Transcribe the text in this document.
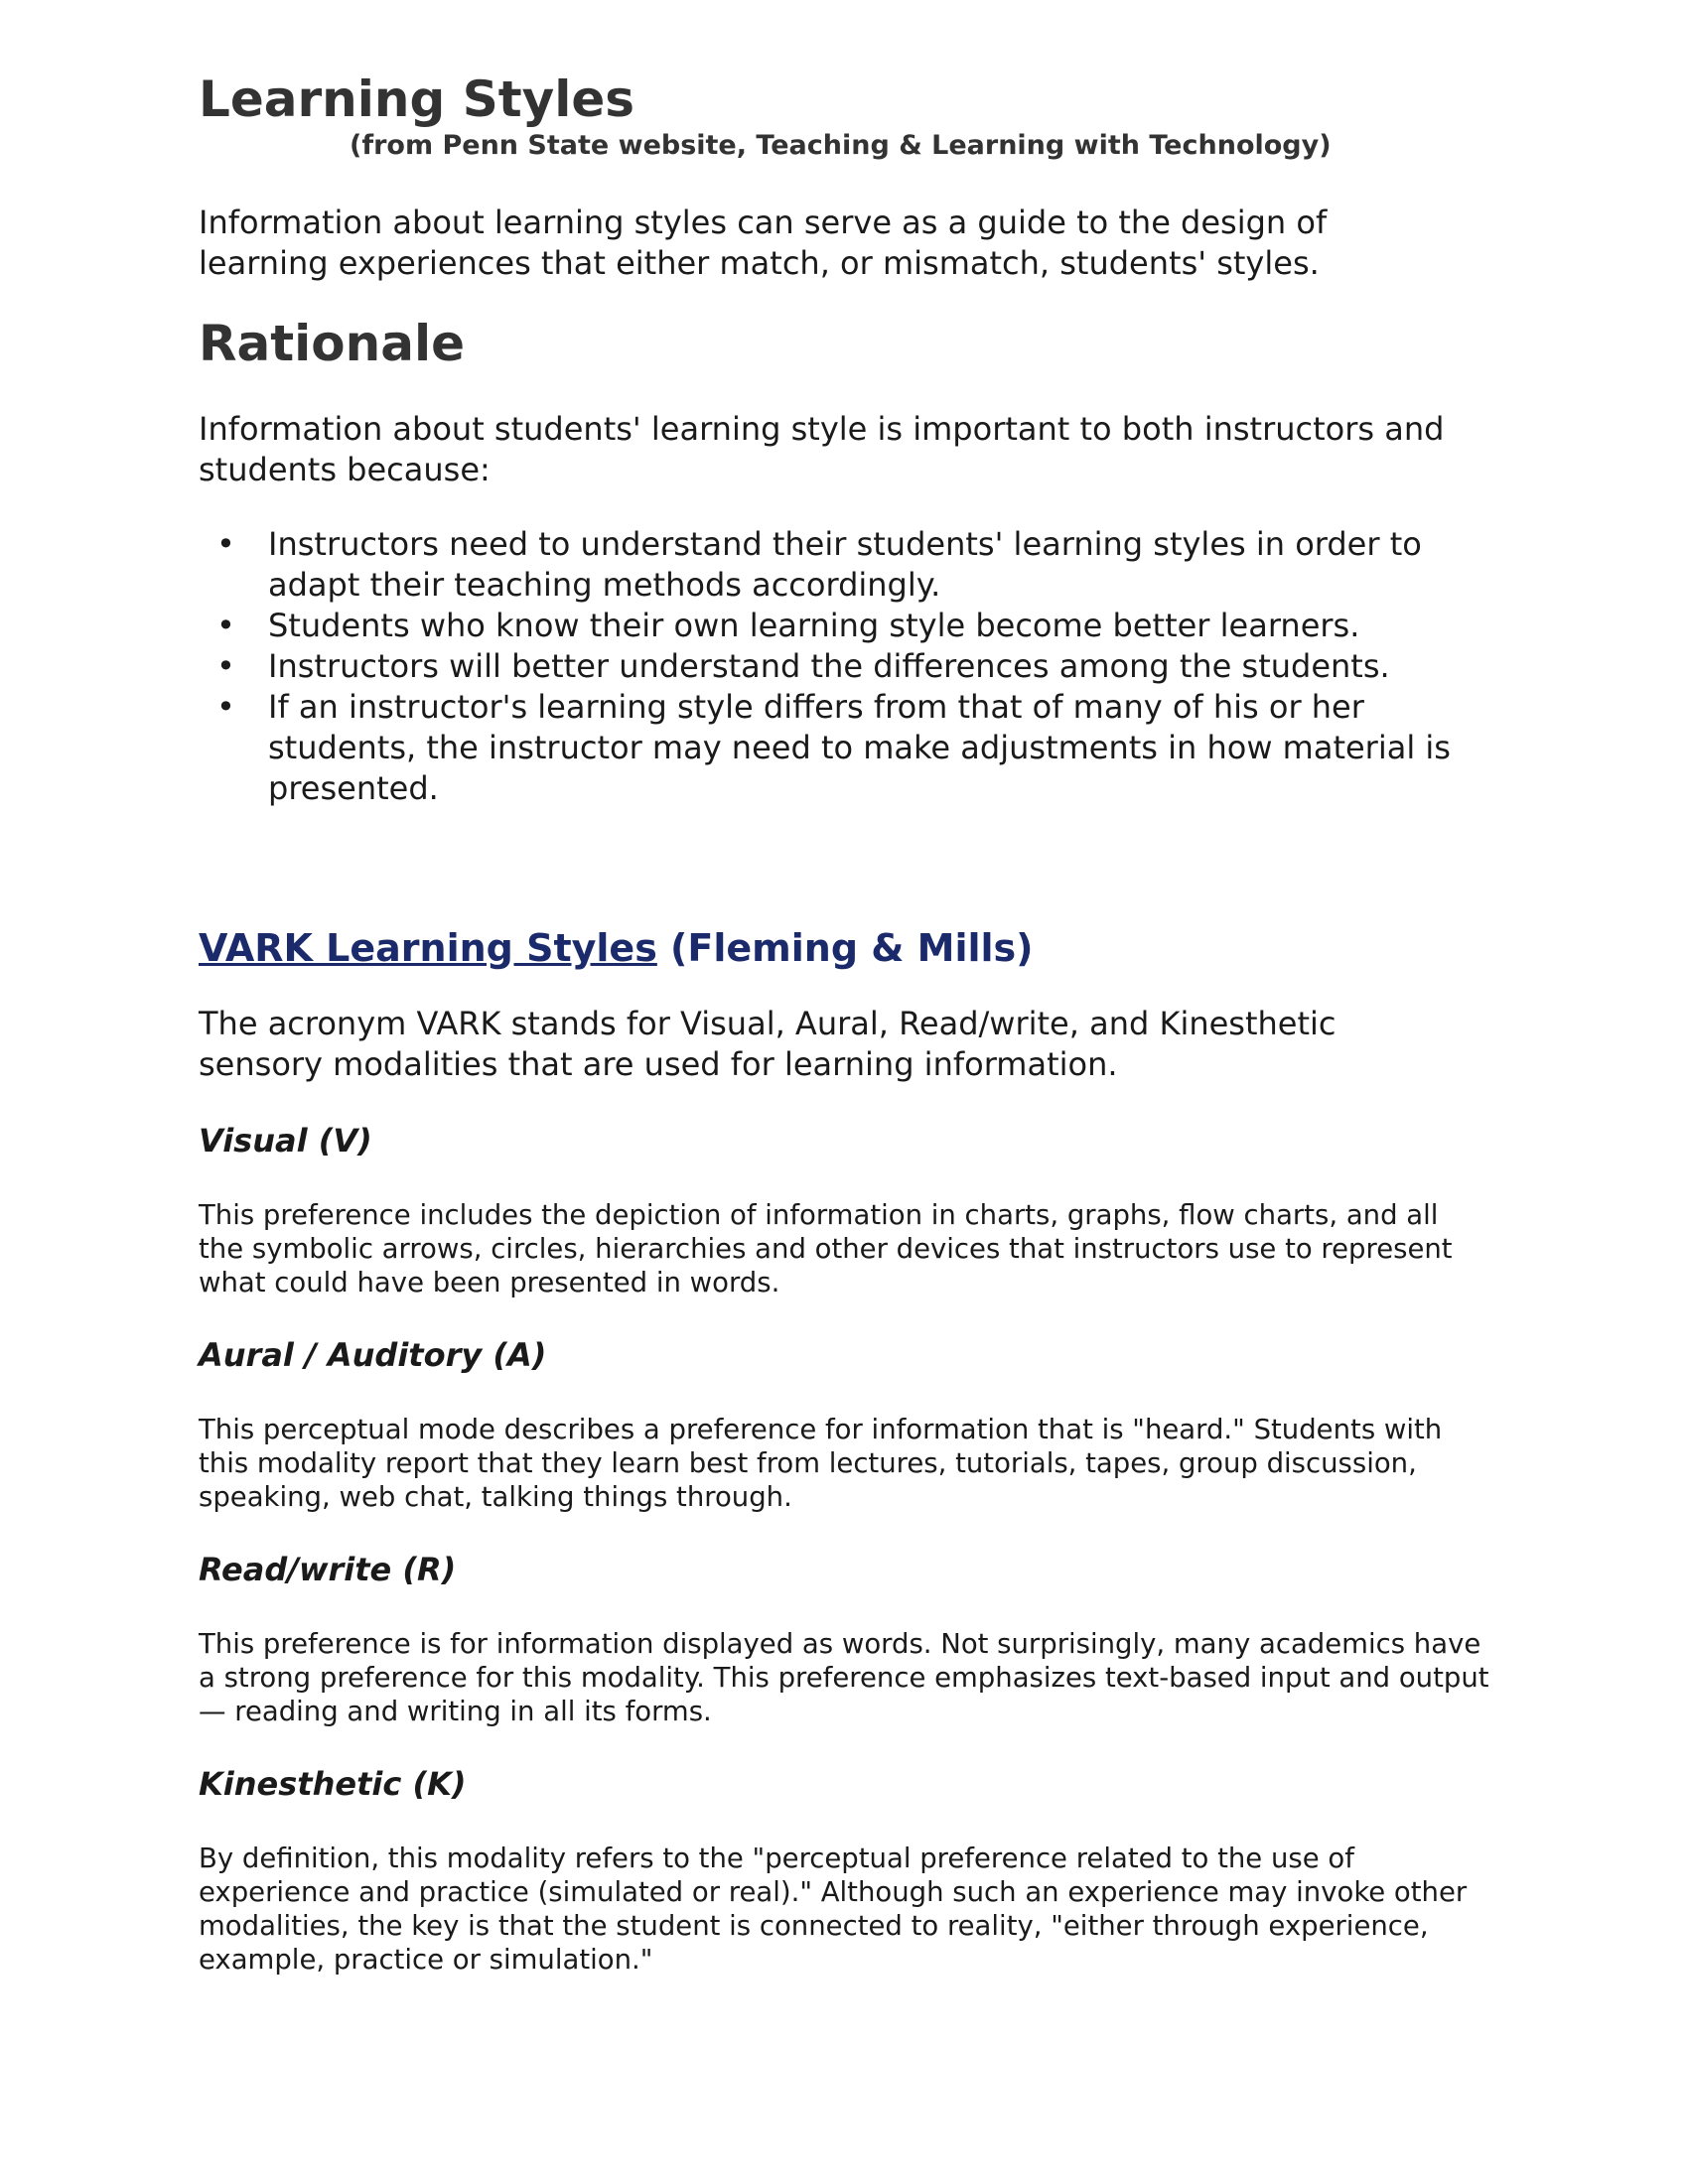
Learning Styles

(from Penn State website, Teaching & Learning with Technology)

Information about learning styles can serve as a guide to the design of learning experiences that either match, or mismatch, students' styles.

Rationale

Information about students' learning style is important to both instructors and students because:

• Instructors need to understand their students' learning styles in order to adapt their teaching methods accordingly.
• Students who know their own learning style become better learners.
• Instructors will better understand the differences among the students.
• If an instructor's learning style differs from that of many of his or her students, the instructor may need to make adjustments in how material is presented.
VARK Learning Styles (Fleming & Mills)

The acronym VARK stands for Visual, Aural, Read/write, and Kinesthetic sensory modalities that are used for learning information.

Visual (V)

This preference includes the depiction of information in charts, graphs, flow charts, and all the symbolic arrows, circles, hierarchies and other devices that instructors use to represent what could have been presented in words.

Aural / Auditory (A)

This perceptual mode describes a preference for information that is "heard." Students with this modality report that they learn best from lectures, tutorials, tapes, group discussion, speaking, web chat, talking things through.

Read/write (R)

This preference is for information displayed as words. Not surprisingly, many academics have a strong preference for this modality. This preference emphasizes text-based input and output — reading and writing in all its forms.

Kinesthetic (K)

By definition, this modality refers to the "perceptual preference related to the use of experience and practice (simulated or real)." Although such an experience may invoke other modalities, the key is that the student is connected to reality, "either through experience, example, practice or simulation."
